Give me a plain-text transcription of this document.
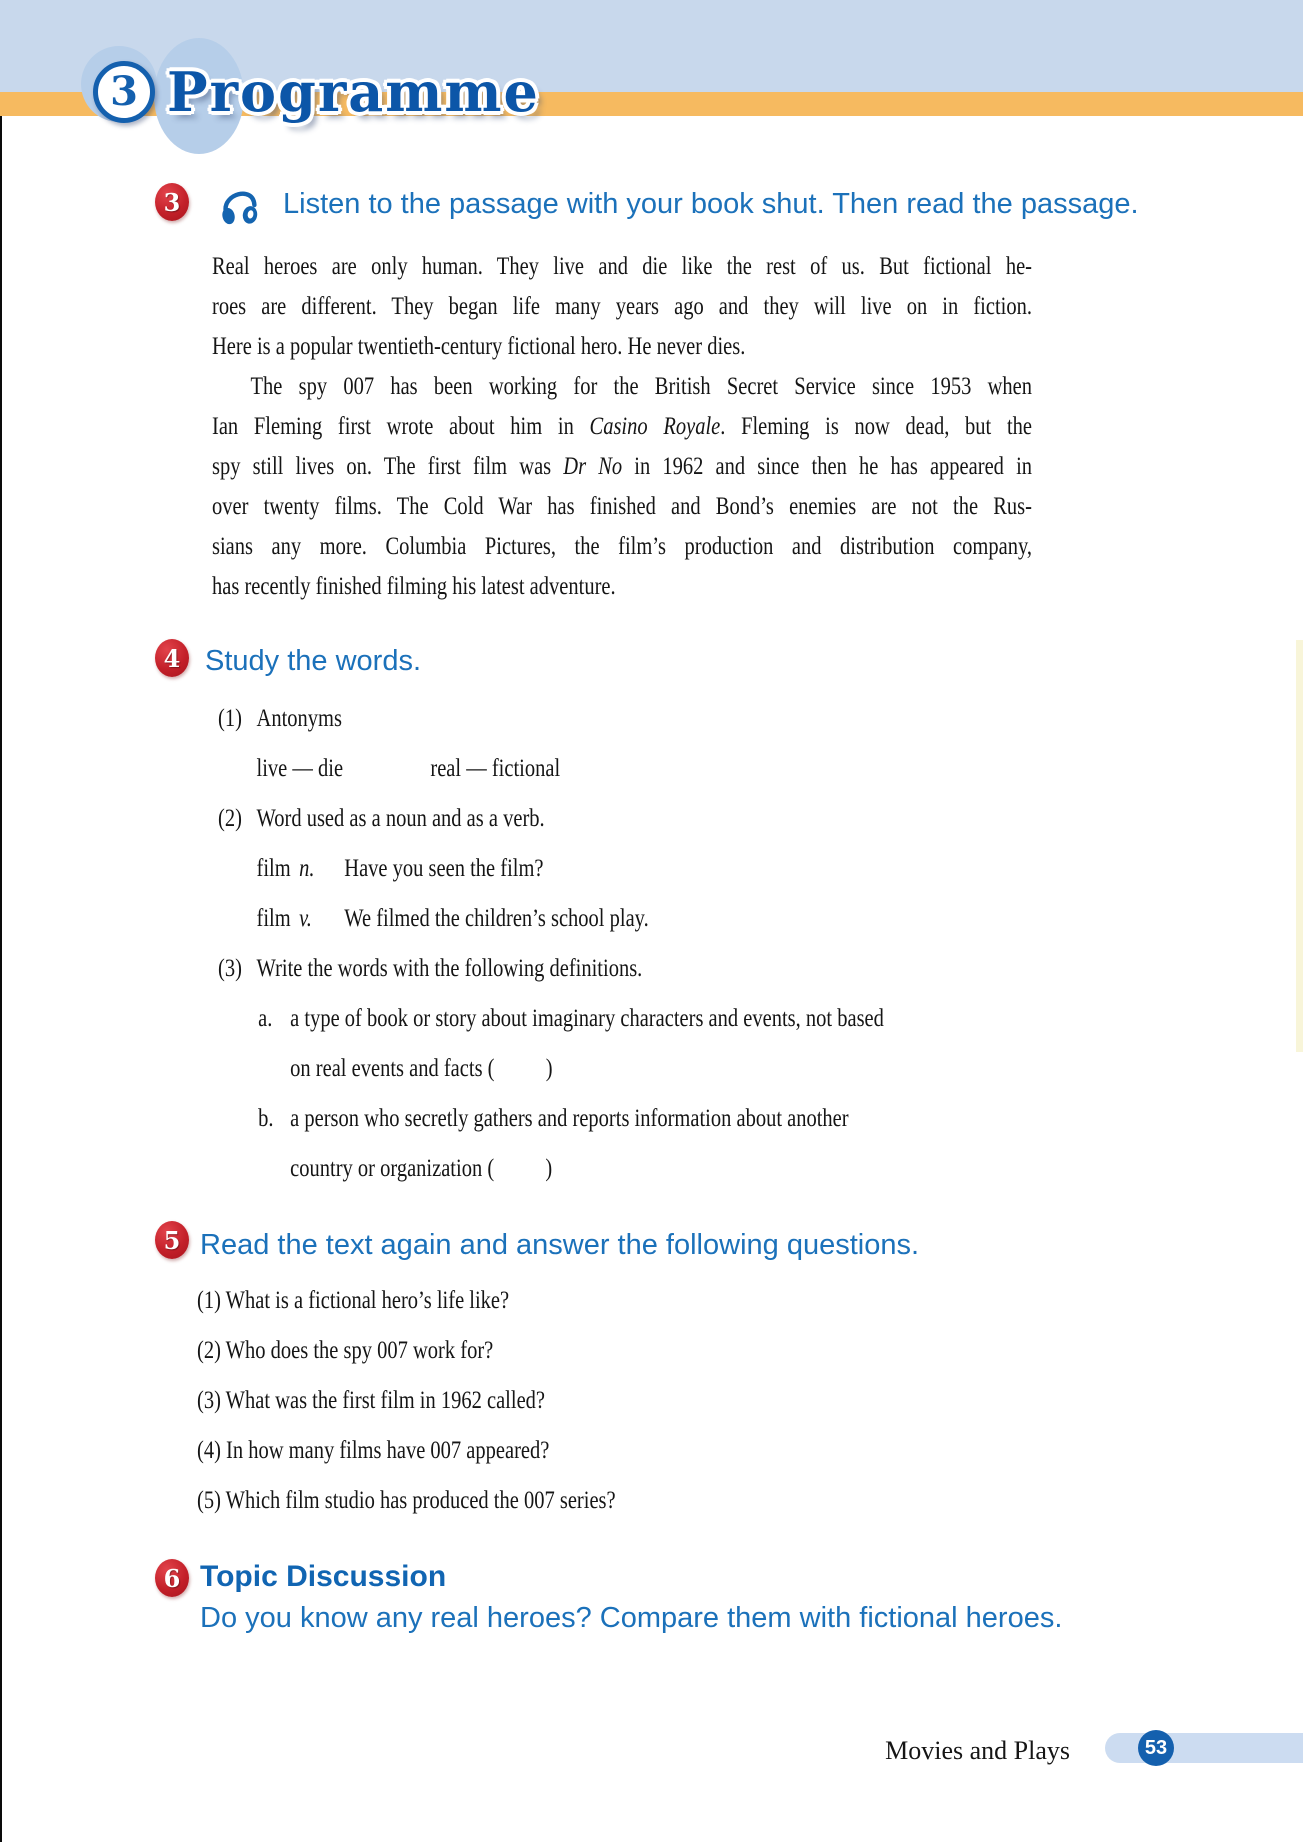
3 Programme
3	Listen to the passage with your book shut. Then read the passage.
Real heroes are only human. They live and die like the rest of us. But fictional he-
roes are different. They began life many years ago and they will live on in fiction.
Here is a popular twentieth-century fictional hero. He never dies.
The spy 007 has been working for the British Secret Service since 1953 when
Ian Fleming first wrote about him in Casino Royale. Fleming is now dead, but the
spy still lives on. The first film was Dr No in 1962 and since then he has appeared in
over twenty films. The Cold War has finished and Bond’s enemies are not the Rus-
sians any more. Columbia Pictures, the film’s production and distribution company,
has recently finished filming his latest adventure.
4 Study the words.
(1) Antonyms
live — die	real — fictional
(2) Word used as a noun and as a verb.
film n.	Have you seen the film?
film v.	We filmed the children’s school play.
(3) Write the words with the following definitions.
a. a type of book or story about imaginary characters and events, not based
on real events and facts (     )
b. a person who secretly gathers and reports information about another
country or organization (     )
5 Read the text again and answer the following questions.
(1) What is a fictional hero’s life like?
(2) Who does the spy 007 work for?
(3) What was the first film in 1962 called?
(4) In how many films have 007 appeared?
(5) Which film studio has produced the 007 series?
6 Topic Discussion
Do you know any real heroes? Compare them with fictional heroes.
Movies and Plays	53
